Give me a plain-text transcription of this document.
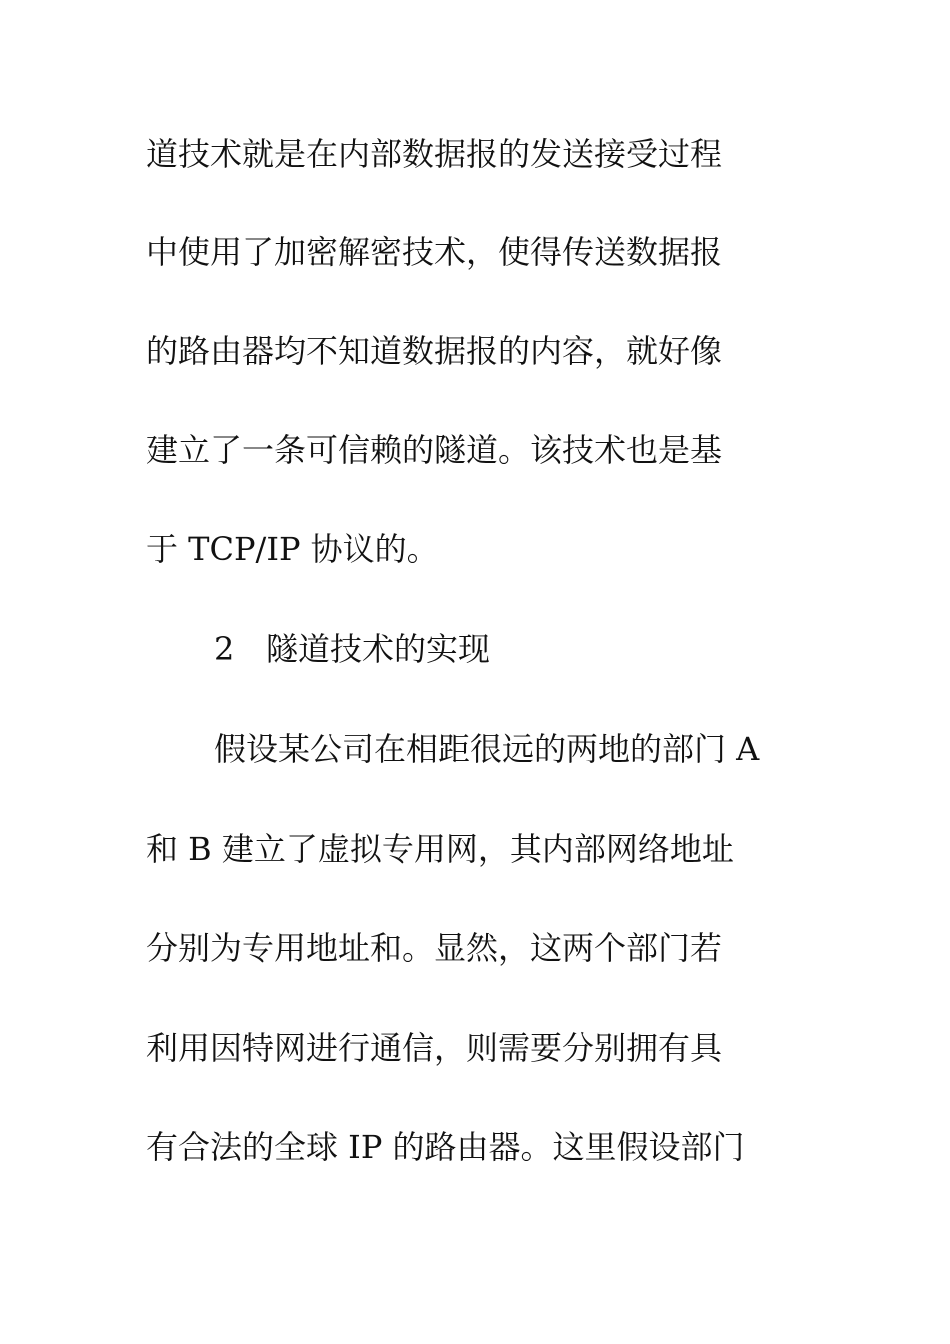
道技术就是在内部数据报的发送接受过程
中使用了加密解密技术，使得传送数据报
的路由器均不知道数据报的内容，就好像
建立了一条可信赖的隧道。该技术也是基
于 TCP/IP 协议的。
2 隧道技术的实现
假设某公司在相距很远的两地的部门 A
和 B 建立了虚拟专用网，其内部网络地址
分别为专用地址和。显然，这两个部门若
利用因特网进行通信，则需要分别拥有具
有合法的全球 IP 的路由器。这里假设部门
